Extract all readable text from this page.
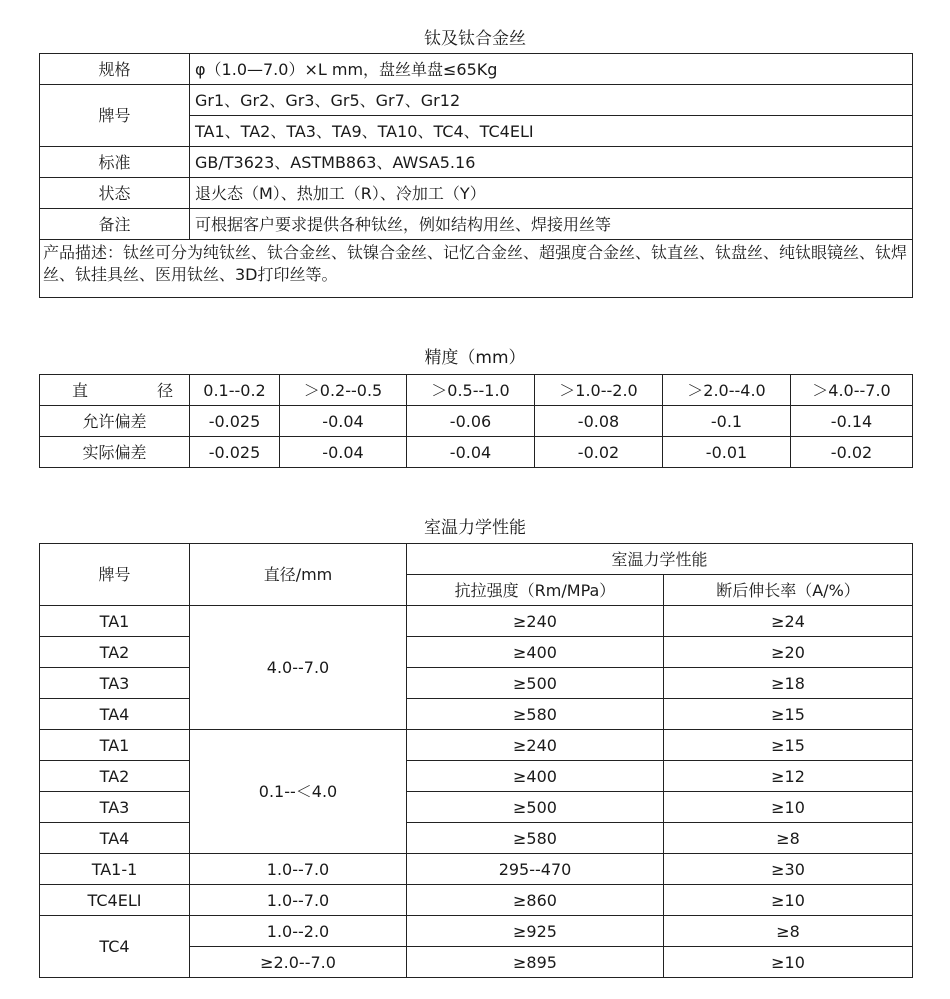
钛及钛合金丝
规格	φ（1.0—7.0）×L mm，盘丝单盘≤65Kg
牌号	Gr1、Gr2、Gr3、Gr5、Gr7、Gr12
	TA1、TA2、TA3、TA9、TA10、TC4、TC4ELI
标准	GB/T3623、ASTMB863、AWSA5.16
状态	退火态（M）、热加工（R）、冷加工（Y）
备注	可根据客户要求提供各种钛丝，例如结构用丝、焊接用丝等
产品描述：钛丝可分为纯钛丝、钛合金丝、钛镍合金丝、记忆合金丝、超强度合金丝、钛直丝、钛盘丝、纯钛眼镜丝、钛焊丝、钛挂具丝、医用钛丝、3D打印丝等。	
精度（mm）
直 径	0.1--0.2	＞0.2--0.5	＞0.5--1.0	＞1.0--2.0	＞2.0--4.0	＞4.0--7.0
允许偏差	-0.025	-0.04	-0.06	-0.08	-0.1	-0.14
实际偏差	-0.025	-0.04	-0.04	-0.02	-0.01	-0.02
室温力学性能
牌号	直径/mm	室温力学性能	
		抗拉强度（Rm/MPa）	断后伸长率（A/%）
TA1	4.0--7.0	≥240	≥24
TA2		≥400	≥20
TA3		≥500	≥18
TA4		≥580	≥15
TA1	0.1--＜4.0	≥240	≥15
TA2		≥400	≥12
TA3		≥500	≥10
TA4		≥580	≥8
TA1-1	1.0--7.0	295--470	≥30
TC4ELI	1.0--7.0	≥860	≥10
TC4	1.0--2.0	≥925	≥8
	≥2.0--7.0	≥895	≥10
